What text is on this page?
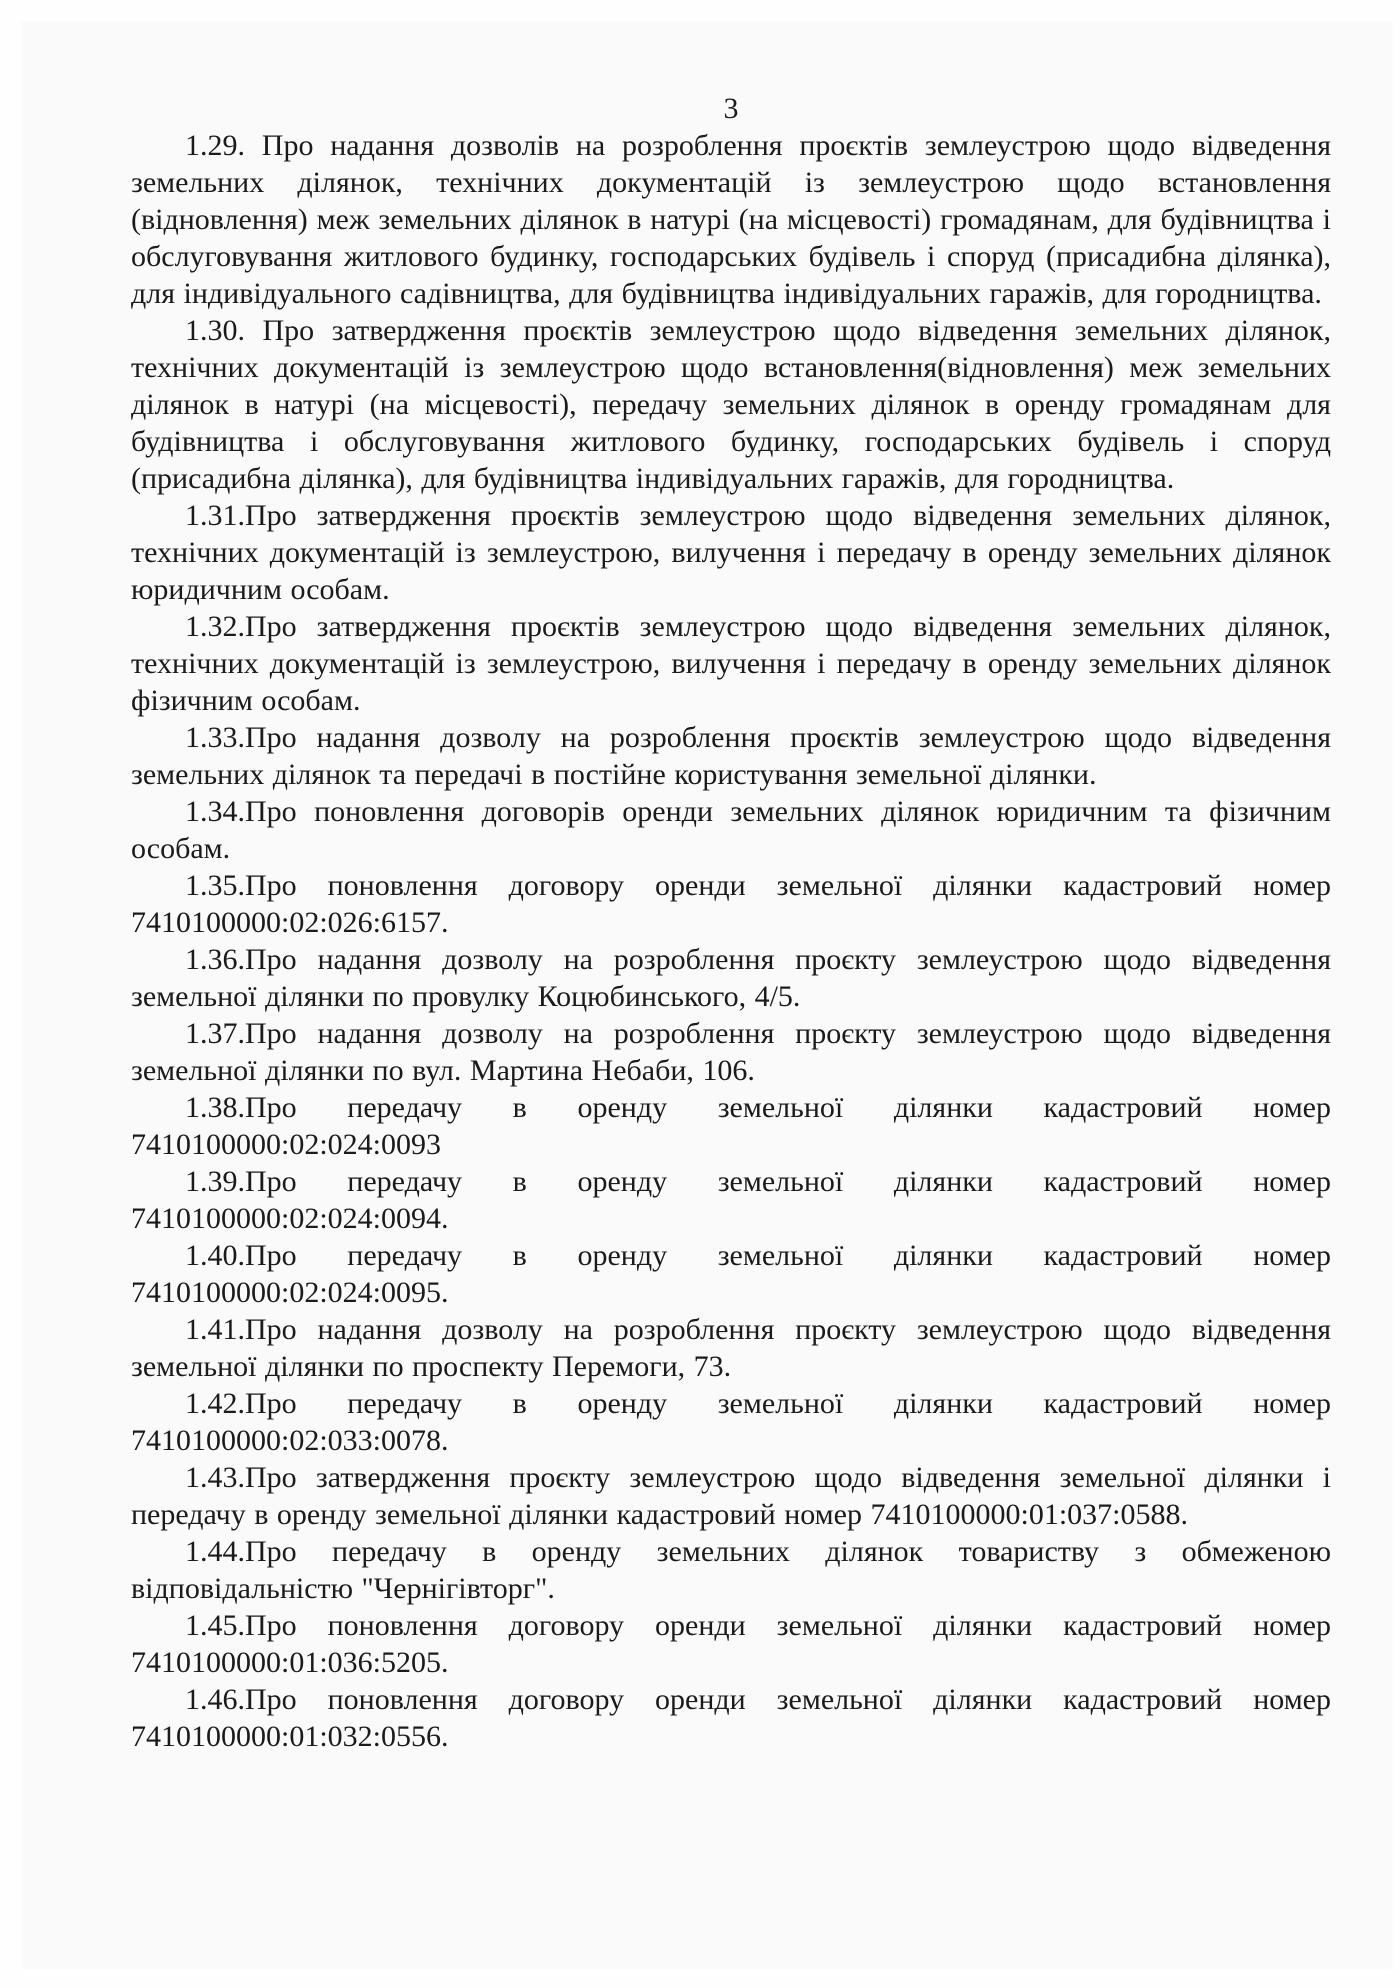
3

1.29. Про надання дозволів на розроблення проєктів землеустрою щодо відведення земельних ділянок, технічних документацій із землеустрою щодо встановлення (відновлення) меж земельних ділянок в натурі (на місцевості) громадянам, для будівництва і обслуговування житлового будинку, господарських будівель і споруд (присадибна ділянка), для індивідуального садівництва, для будівництва індивідуальних гаражів, для городництва.

1.30. Про затвердження проєктів землеустрою щодо відведення земельних ділянок, технічних документацій із землеустрою щодо встановлення(відновлення) меж земельних ділянок в натурі (на місцевості), передачу земельних ділянок в оренду громадянам для будівництва і обслуговування житлового будинку, господарських будівель і споруд (присадибна ділянка), для будівництва індивідуальних гаражів, для городництва.

1.31.Про затвердження проєктів землеустрою щодо відведення земельних ділянок, технічних документацій із землеустрою, вилучення і передачу в оренду земельних ділянок юридичним особам.

1.32.Про затвердження проєктів землеустрою щодо відведення земельних ділянок, технічних документацій із землеустрою, вилучення і передачу в оренду земельних ділянок фізичним особам.

1.33.Про надання дозволу на розроблення проєктів землеустрою щодо відведення земельних ділянок та передачі в постійне користування земельної ділянки.

1.34.Про поновлення договорів оренди земельних ділянок юридичним та фізичним особам.

1.35.Про поновлення договору оренди земельної ділянки кадастровий номер 7410100000:02:026:6157.

1.36.Про надання дозволу на розроблення проєкту землеустрою щодо відведення земельної ділянки по провулку Коцюбинського, 4/5.

1.37.Про надання дозволу на розроблення проєкту землеустрою щодо відведення земельної ділянки по вул. Мартина Небаби, 106.

1.38.Про передачу в оренду земельної ділянки кадастровий номер 7410100000:02:024:0093

1.39.Про передачу в оренду земельної ділянки кадастровий номер 7410100000:02:024:0094.

1.40.Про передачу в оренду земельної ділянки кадастровий номер 7410100000:02:024:0095.

1.41.Про надання дозволу на розроблення проєкту землеустрою щодо відведення земельної ділянки по проспекту Перемоги, 73.

1.42.Про передачу в оренду земельної ділянки кадастровий номер 7410100000:02:033:0078.

1.43.Про затвердження проєкту землеустрою щодо відведення земельної ділянки і передачу в оренду земельної ділянки кадастровий номер 7410100000:01:037:0588.

1.44.Про передачу в оренду земельних ділянок товариству з обмеженою відповідальністю "Чернігівторг".

1.45.Про поновлення договору оренди земельної ділянки кадастровий номер 7410100000:01:036:5205.

1.46.Про поновлення договору оренди земельної ділянки кадастровий номер 7410100000:01:032:0556.
